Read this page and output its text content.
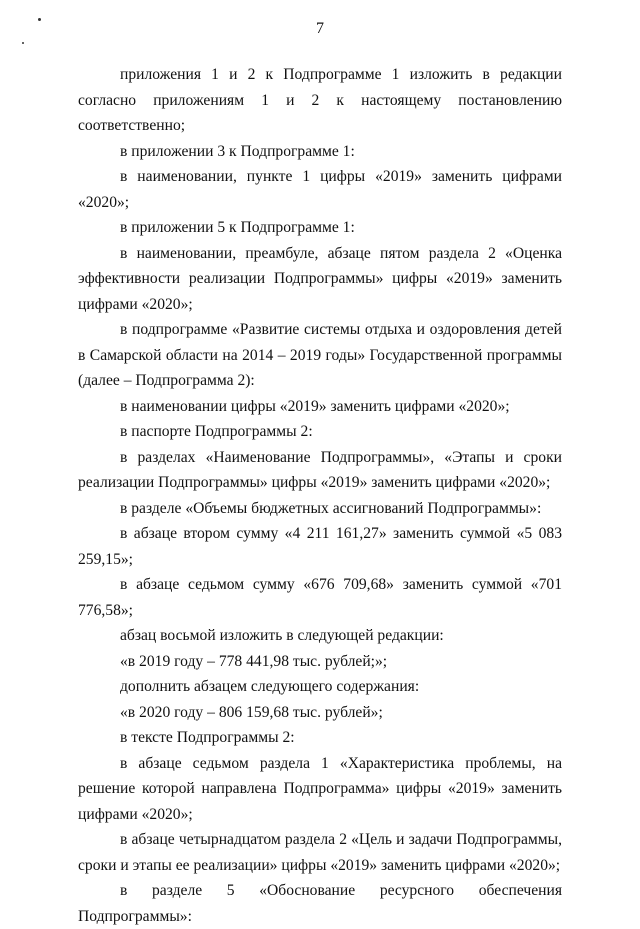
7

приложения 1 и 2 к Подпрограмме 1 изложить в редакции согласно приложениям 1 и 2 к настоящему постановлению соответственно;

в приложении 3 к Подпрограмме 1:

в наименовании, пункте 1 цифры «2019» заменить цифрами «2020»;

в приложении 5 к Подпрограмме 1:

в наименовании, преамбуле, абзаце пятом раздела 2 «Оценка эффективности реализации Подпрограммы» цифры «2019» заменить цифрами «2020»;

в подпрограмме «Развитие системы отдыха и оздоровления детей в Самарской области на 2014 – 2019 годы» Государственной программы (далее – Подпрограмма 2):

в наименовании цифры «2019» заменить цифрами «2020»;

в паспорте Подпрограммы 2:

в разделах «Наименование Подпрограммы», «Этапы и сроки реализации Подпрограммы» цифры «2019» заменить цифрами «2020»;

в разделе «Объемы бюджетных ассигнований Подпрограммы»:

в абзаце втором сумму «4 211 161,27» заменить суммой «5 083 259,15»;

в абзаце седьмом сумму «676 709,68» заменить суммой «701 776,58»;

абзац восьмой изложить в следующей редакции:

«в 2019 году – 778 441,98 тыс. рублей;»;

дополнить абзацем следующего содержания:

«в 2020 году – 806 159,68 тыс. рублей»;

в тексте Подпрограммы 2:

в абзаце седьмом раздела 1 «Характеристика проблемы, на решение которой направлена Подпрограмма» цифры «2019» заменить цифрами «2020»;

в абзаце четырнадцатом раздела 2 «Цель и задачи Подпрограммы, сроки и этапы ее реализации» цифры «2019» заменить цифрами «2020»;

в разделе 5 «Обоснование ресурсного обеспечения Подпрограммы»:
